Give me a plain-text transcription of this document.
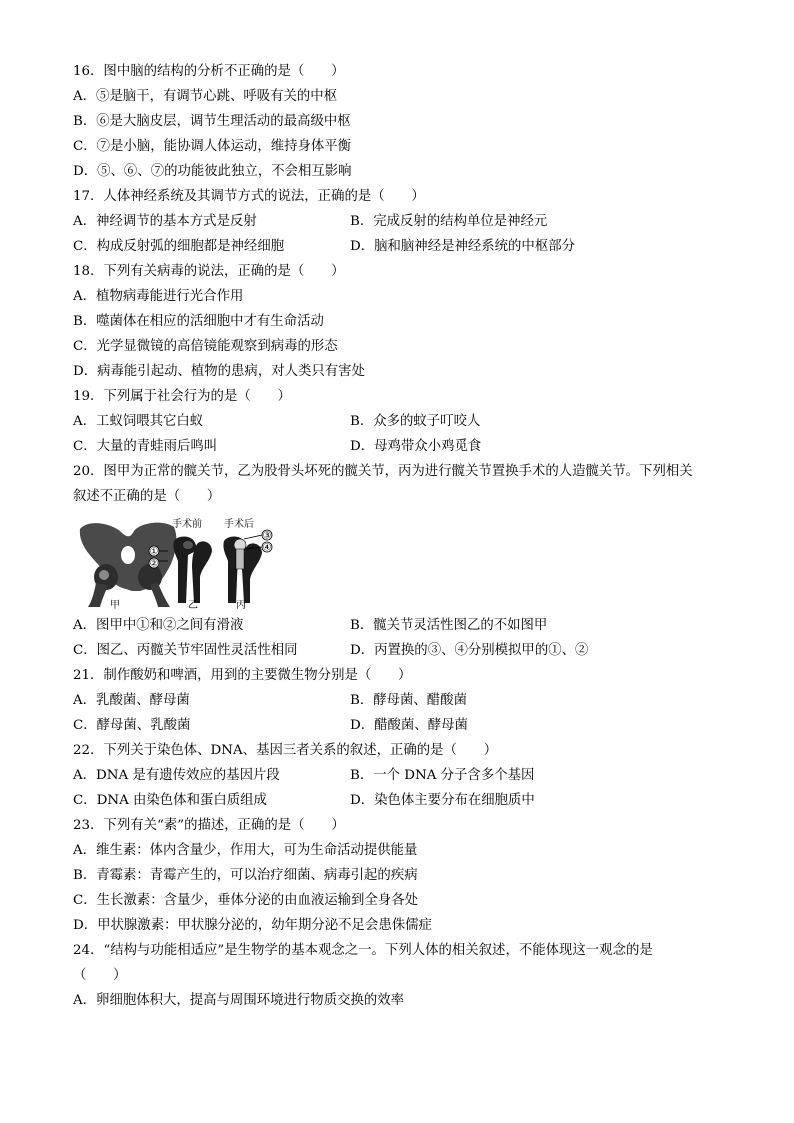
16．图中脑的结构的分析不正确的是（　　）
A．⑤是脑干，有调节心跳、呼吸有关的中枢
B．⑥是大脑皮层，调节生理活动的最高级中枢
C．⑦是小脑，能协调人体运动，维持身体平衡
D．⑤、⑥、⑦的功能彼此独立，不会相互影响
17．人体神经系统及其调节方式的说法，正确的是（　　）
A．神经调节的基本方式是反射	B．完成反射的结构单位是神经元
C．构成反射弧的细胞都是神经细胞	D．脑和脑神经是神经系统的中枢部分
18．下列有关病毒的说法，正确的是（　　）
A．植物病毒能进行光合作用
B．噬菌体在相应的活细胞中才有生命活动
C．光学显微镜的高倍镜能观察到病毒的形态
D．病毒能引起动、植物的患病，对人类只有害处
19．下列属于社会行为的是（　　）
A．工蚁饲喂其它白蚁	B．众多的蚊子叮咬人
C．大量的青蛙雨后鸣叫	D．母鸡带众小鸡觅食
20．图甲为正常的髋关节，乙为股骨头坏死的髋关节，丙为进行髋关节置换手术的人造髋关节。下列相关
叙述不正确的是（　　）
①
②
甲
手术前
乙
手术后
③
④
丙
A．图甲中①和②之间有滑液	B．髋关节灵活性图乙的不如图甲
C．图乙、丙髋关节牢固性灵活性相同	D．丙置换的③、④分别模拟甲的①、②
21．制作酸奶和啤酒，用到的主要微生物分别是（　　）
A．乳酸菌、酵母菌	B．酵母菌、醋酸菌
C．酵母菌、乳酸菌	D．醋酸菌、酵母菌
22．下列关于染色体、DNA、基因三者关系的叙述，正确的是（　　）
A．DNA 是有遗传效应的基因片段	B．一个 DNA 分子含多个基因
C．DNA 由染色体和蛋白质组成	D．染色体主要分布在细胞质中
23．下列有关“素”的描述，正确的是（　　）
A．维生素：体内含量少，作用大，可为生命活动提供能量
B．青霉素：青霉产生的，可以治疗细菌、病毒引起的疾病
C．生长激素：含量少，垂体分泌的由血液运输到全身各处
D．甲状腺激素：甲状腺分泌的，幼年期分泌不足会患侏儒症
24．“结构与功能相适应”是生物学的基本观念之一。下列人体的相关叙述，不能体现这一观念的是
（　　）
A．卵细胞体积大，提高与周围环境进行物质交换的效率
